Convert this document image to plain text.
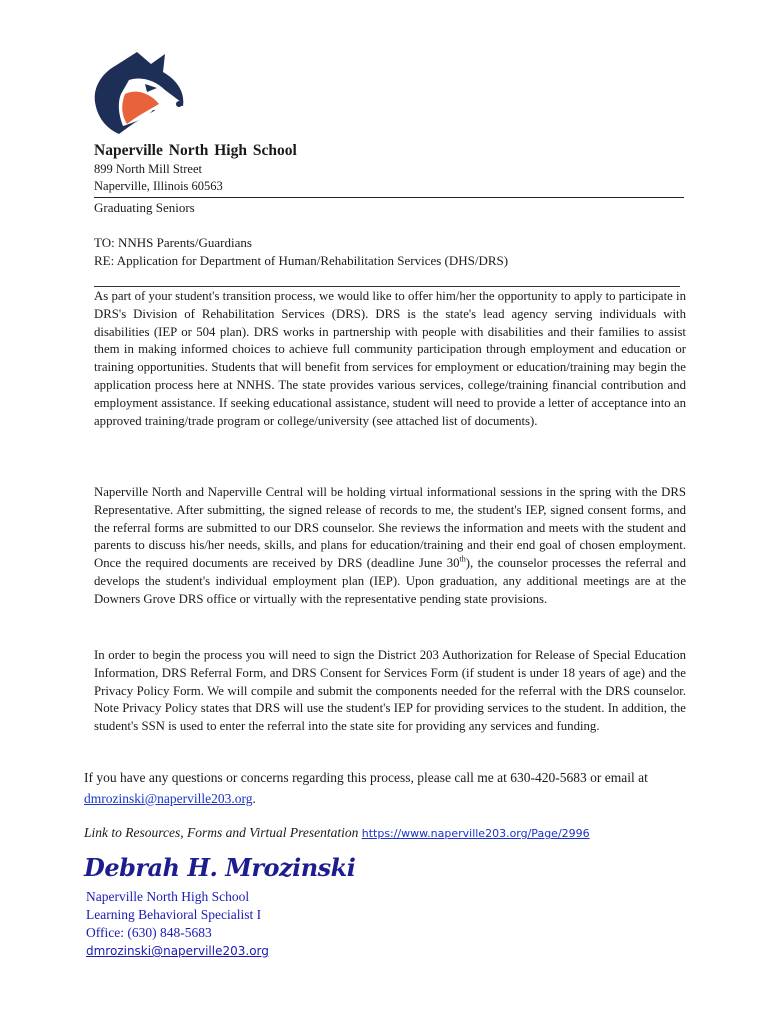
Naperville North High School
899 North Mill Street
Naperville, Illinois 60563
Graduating Seniors
TO: NNHS Parents/Guardians
RE: Application for Department of Human/Rehabilitation Services (DHS/DRS)

As part of your student's transition process, we would like to offer him/her the opportunity to apply to participate in DRS's Division of Rehabilitation Services (DRS). DRS is the state's lead agency serving individuals with disabilities (IEP or 504 plan). DRS works in partnership with people with disabilities and their families to assist them in making informed choices to achieve full community participation through employment and education or training opportunities. Students that will benefit from services for employment or education/training may begin the application process here at NNHS. The state provides various services, college/training financial contribution and employment assistance. If seeking educational assistance, student will need to provide a letter of acceptance into an approved training/trade program or college/university (see attached list of documents).

Naperville North and Naperville Central will be holding virtual informational sessions in the spring with the DRS Representative. After submitting, the signed release of records to me, the student's IEP, signed consent forms, and the referral forms are submitted to our DRS counselor. She reviews the information and meets with the student and parents to discuss his/her needs, skills, and plans for education/training and their end goal of chosen employment. Once the required documents are received by DRS (deadline June 30th), the counselor processes the referral and develops the student's individual employment plan (IEP). Upon graduation, any additional meetings are at the Downers Grove DRS office or virtually with the representative pending state provisions.

In order to begin the process you will need to sign the District 203 Authorization for Release of Special Education Information, DRS Referral Form, and DRS Consent for Services Form (if student is under 18 years of age) and the Privacy Policy Form. We will compile and submit the components needed for the referral with the DRS counselor. Note Privacy Policy states that DRS will use the student's IEP for providing services to the student. In addition, the student's SSN is used to enter the referral into the state site for providing any services and funding.

If you have any questions or concerns regarding this process, please call me at 630-420-5683 or email at dmrozinski@naperville203.org.
Link to Resources, Forms and Virtual Presentation https://www.naperville203.org/Page/2996
Debrah H. Mrozinski
Naperville North High School
Learning Behavioral Specialist I
Office: (630) 848-5683
dmrozinski@naperville203.org
